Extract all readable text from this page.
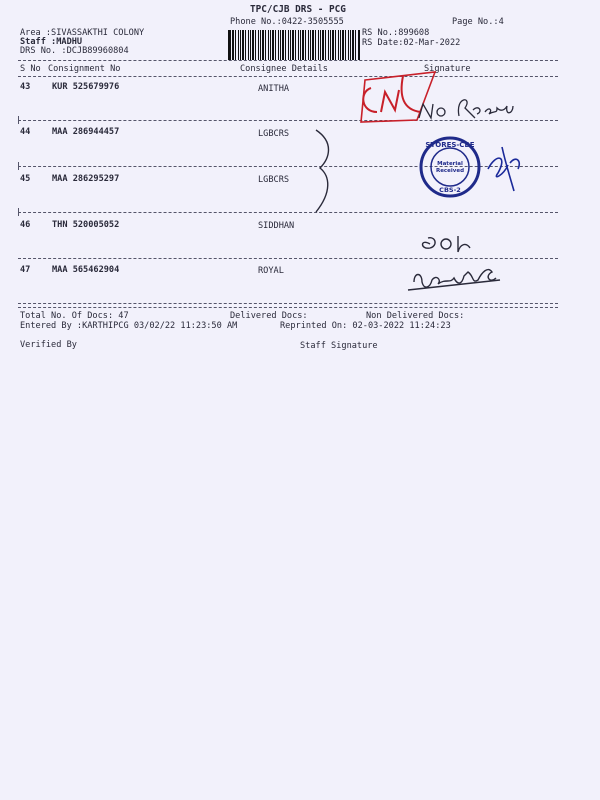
TPC/CJB DRS - PCG
Phone No.:0422-3505555	Page No.:4
Area :SIVASSAKTHI COLONY
Staff :MADHU
DRS No. :DCJB89960804
RS No.:899608
RS Date:02-Mar-2022
S No Consignment No	Consignee Details	Signature
43	KUR 525679976	ANITHA
44	MAA 286944457	LGBCRS
45	MAA 286295297	LGBCRS
46	THN 520005052	SIDDHAN
47	MAA 565462904	ROYAL
Total No. Of Docs: 47	Delivered Docs:	Non Delivered Docs:
Entered By :KARTHIPCG 03/02/22 11:23:50 AM	Reprinted On: 02-03-2022 11:24:23
Verified By	Staff Signature
STORES-CBE
Material
Received
CBS-2
